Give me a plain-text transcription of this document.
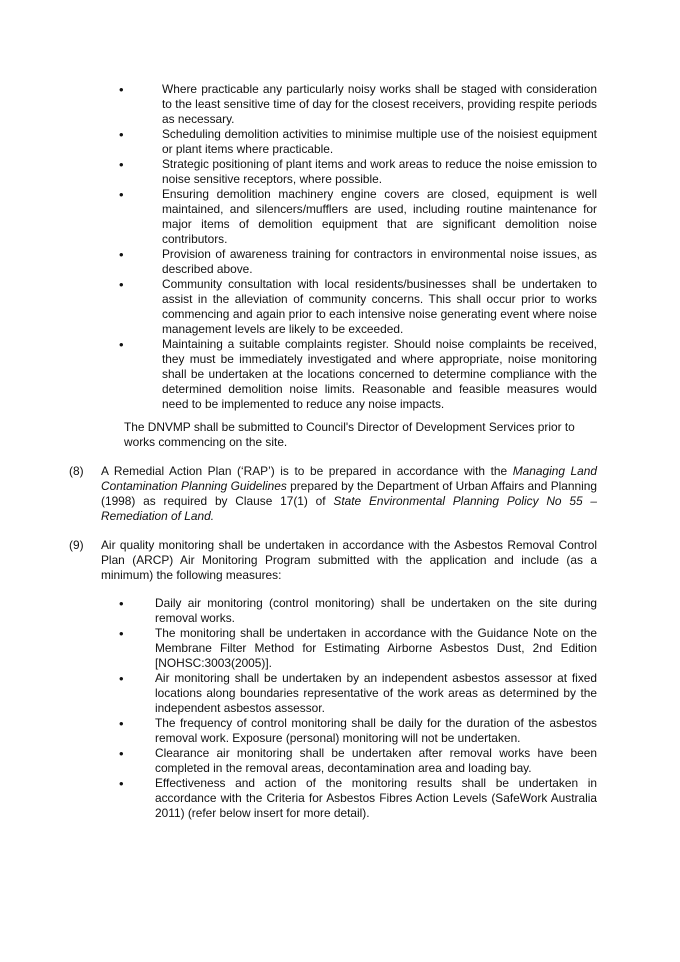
• Where practicable any particularly noisy works shall be staged with consideration to the least sensitive time of day for the closest receivers, providing respite periods as necessary.
• Scheduling demolition activities to minimise multiple use of the noisiest equipment or plant items where practicable.
• Strategic positioning of plant items and work areas to reduce the noise emission to noise sensitive receptors, where possible.
• Ensuring demolition machinery engine covers are closed, equipment is well maintained, and silencers/mufflers are used, including routine maintenance for major items of demolition equipment that are significant demolition noise contributors.
• Provision of awareness training for contractors in environmental noise issues, as described above.
• Community consultation with local residents/businesses shall be undertaken to assist in the alleviation of community concerns. This shall occur prior to works commencing and again prior to each intensive noise generating event where noise management levels are likely to be exceeded.
• Maintaining a suitable complaints register. Should noise complaints be received, they must be immediately investigated and where appropriate, noise monitoring shall be undertaken at the locations concerned to determine compliance with the determined demolition noise limits. Reasonable and feasible measures would need to be implemented to reduce any noise impacts.

The DNVMP shall be submitted to Council's Director of Development Services prior to works commencing on the site.

(8) A Remedial Action Plan (‘RAP’) is to be prepared in accordance with the Managing Land Contamination Planning Guidelines prepared by the Department of Urban Affairs and Planning (1998) as required by Clause 17(1) of State Environmental Planning Policy No 55 – Remediation of Land.
(9) Air quality monitoring shall be undertaken in accordance with the Asbestos Removal Control Plan (ARCP) Air Monitoring Program submitted with the application and include (as a minimum) the following measures:
• Daily air monitoring (control monitoring) shall be undertaken on the site during removal works.
• The monitoring shall be undertaken in accordance with the Guidance Note on the Membrane Filter Method for Estimating Airborne Asbestos Dust, 2nd Edition [NOHSC:3003(2005)].
• Air monitoring shall be undertaken by an independent asbestos assessor at fixed locations along boundaries representative of the work areas as determined by the independent asbestos assessor.
• The frequency of control monitoring shall be daily for the duration of the asbestos removal work. Exposure (personal) monitoring will not be undertaken.
• Clearance air monitoring shall be undertaken after removal works have been completed in the removal areas, decontamination area and loading bay.
• Effectiveness and action of the monitoring results shall be undertaken in accordance with the Criteria for Asbestos Fibres Action Levels (SafeWork Australia 2011) (refer below insert for more detail).
